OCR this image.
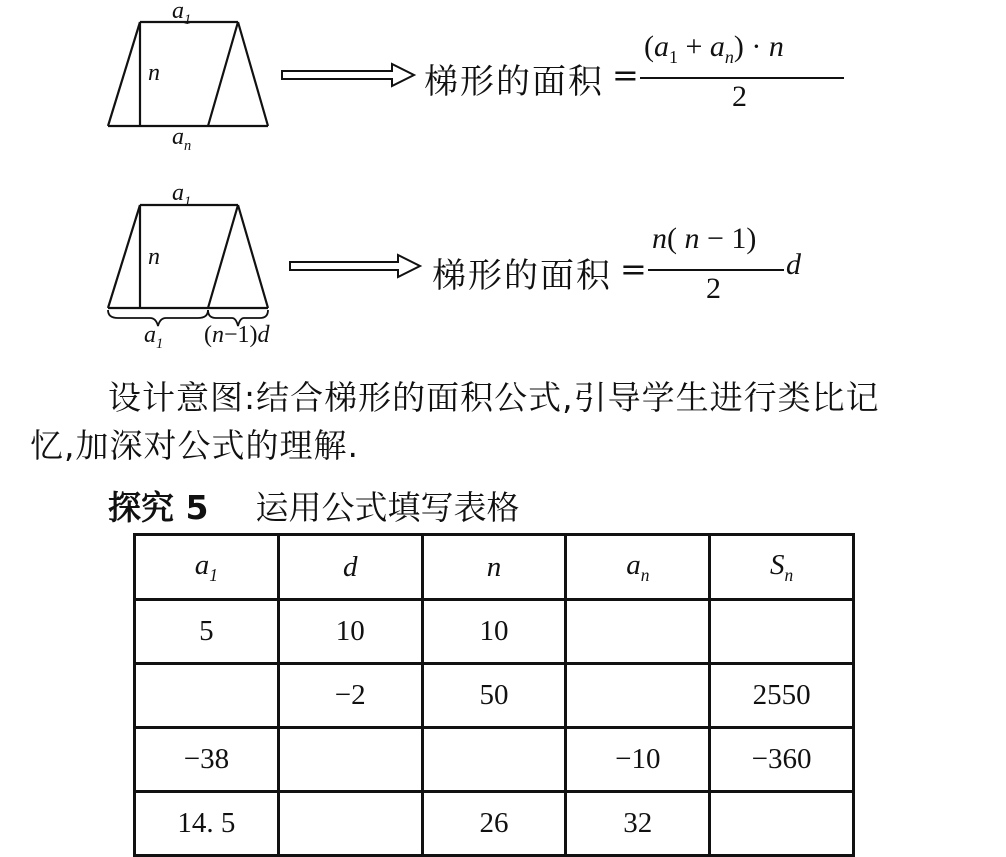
$a_1$
n
$a_n$
梯形的面积 =
$(a_1 + a_n) \cdot n$
2
$a_1$
n
$a_1$ (n−1)d
梯形的面积 =
n( n − 1)
2
d
设计意图:结合梯形的面积公式,引导学生进行类比记
忆,加深对公式的理解.
探究 5 运用公式填写表格
$a_1$	d	n	$a_n$	$S_n$
5	10	10		
	−2	50		2550
−38			−10	−360
14. 5		26	32	
